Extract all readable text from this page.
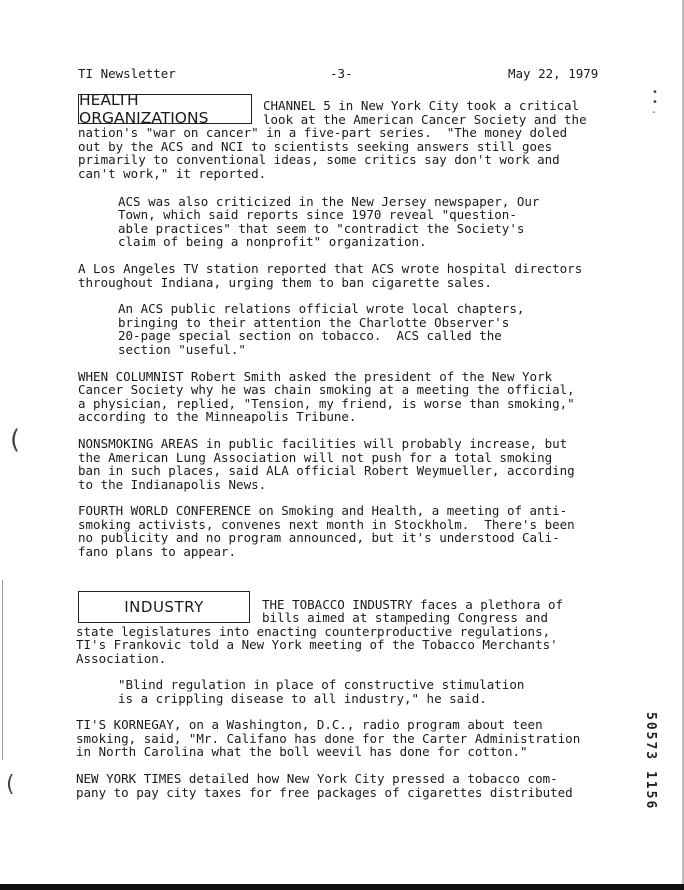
TI Newsletter	-3-	May 22, 1979
HEALTH ORGANIZATIONS
CHANNEL 5 in New York City took a critical
look at the American Cancer Society and the
nation's "war on cancer" in a five-part series.  "The money doled
out by the ACS and NCI to scientists seeking answers still goes
primarily to conventional ideas, some critics say don't work and
can't work," it reported.
ACS was also criticized in the New Jersey newspaper, Our
Town, which said reports since 1970 reveal "question-
able practices" that seem to "contradict the Society's
claim of being a nonprofit" organization.
A Los Angeles TV station reported that ACS wrote hospital directors
throughout Indiana, urging them to ban cigarette sales.
An ACS public relations official wrote local chapters,
bringing to their attention the Charlotte Observer's
20-page special section on tobacco.  ACS called the
section "useful."
WHEN COLUMNIST Robert Smith asked the president of the New York
Cancer Society why he was chain smoking at a meeting the official,
a physician, replied, "Tension, my friend, is worse than smoking,"
according to the Minneapolis Tribune.
NONSMOKING AREAS in public facilities will probably increase, but
the American Lung Association will not push for a total smoking
ban in such places, said ALA official Robert Weymueller, according
to the Indianapolis News.
FOURTH WORLD CONFERENCE on Smoking and Health, a meeting of anti-
smoking activists, convenes next month in Stockholm.  There's been
no publicity and no program announced, but it's understood Cali-
fano plans to appear.
INDUSTRY	THE TOBACCO INDUSTRY faces a plethora of
bills aimed at stampeding Congress and
state legislatures into enacting counterproductive regulations,
TI's Frankovic told a New York meeting of the Tobacco Merchants'
Association.
"Blind regulation in place of constructive stimulation
is a crippling disease to all industry," he said.
TI'S KORNEGAY, on a Washington, D.C., radio program about teen
smoking, said, "Mr. Califano has done for the Carter Administration
in North Carolina what the boll weevil has done for cotton."
NEW YORK TIMES detailed how New York City pressed a tobacco com-
pany to pay city taxes for free packages of cigarettes distributed	50573 1156
(
(
•
•
-
